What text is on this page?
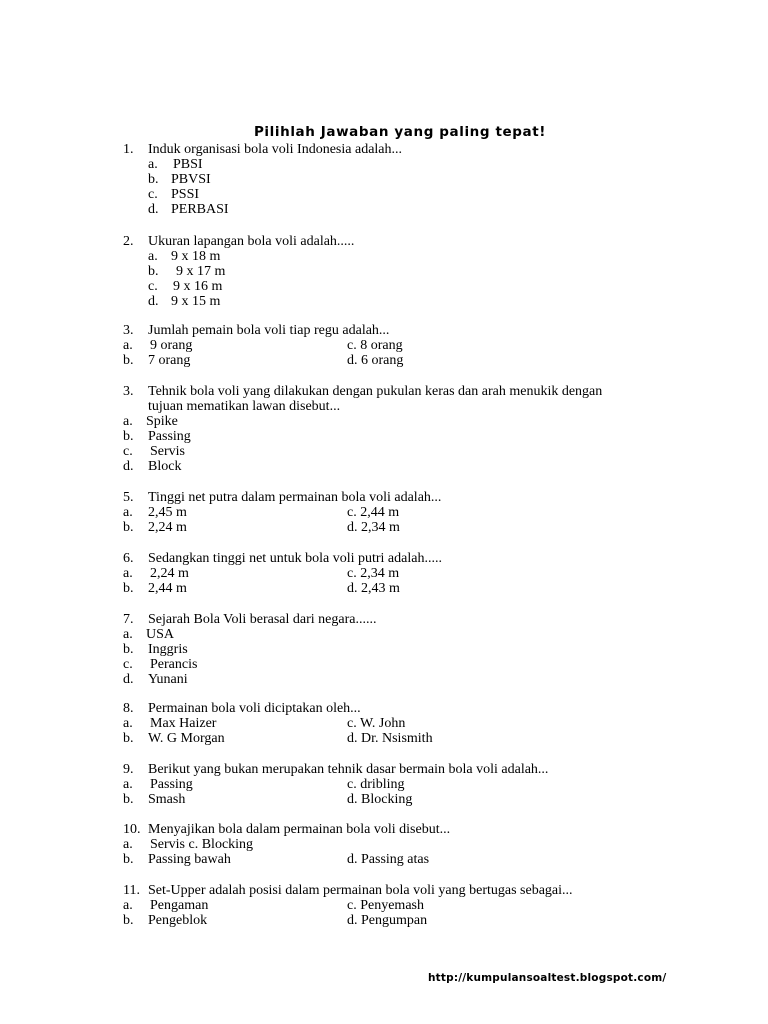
Pilihlah Jawaban yang paling tepat!
1. Induk organisasi bola voli Indonesia adalah...
a. PBSI
b. PBVSI
c. PSSI
d. PERBASI
2. Ukuran lapangan bola voli adalah.....
a. 9 x 18 m
b. 9 x 17 m
c. 9 x 16 m
d. 9 x 15 m
3. Jumlah pemain bola voli tiap regu adalah...
a. 9 orang	c. 8 orang
b. 7 orang	d. 6 orang
3. Tehnik bola voli yang dilakukan dengan pukulan keras dan arah menukik dengan
tujuan mematikan lawan disebut...
a. Spike
b. Passing
c. Servis
d. Block
5. Tinggi net putra dalam permainan bola voli adalah...
a. 2,45 m	c. 2,44 m
b. 2,24 m	d. 2,34 m
6. Sedangkan tinggi net untuk bola voli putri adalah.....
a. 2,24 m	c. 2,34 m
b. 2,44 m	d. 2,43 m
7. Sejarah Bola Voli berasal dari negara......
a. USA
b. Inggris
c. Perancis
d. Yunani
8. Permainan bola voli diciptakan oleh...
a. Max Haizer	c. W. John
b. W. G Morgan	d. Dr. Nsismith
9. Berikut yang bukan merupakan tehnik dasar bermain bola voli adalah...
a. Passing	c. dribling
b. Smash	d. Blocking
10. Menyajikan bola dalam permainan bola voli disebut...
a. Servis c. Blocking
b. Passing bawah	d. Passing atas
11. Set-Upper adalah posisi dalam permainan bola voli yang bertugas sebagai...
a. Pengaman	c. Penyemash
b. Pengeblok	d. Pengumpan
http://kumpulansoaltest.blogspot.com/
